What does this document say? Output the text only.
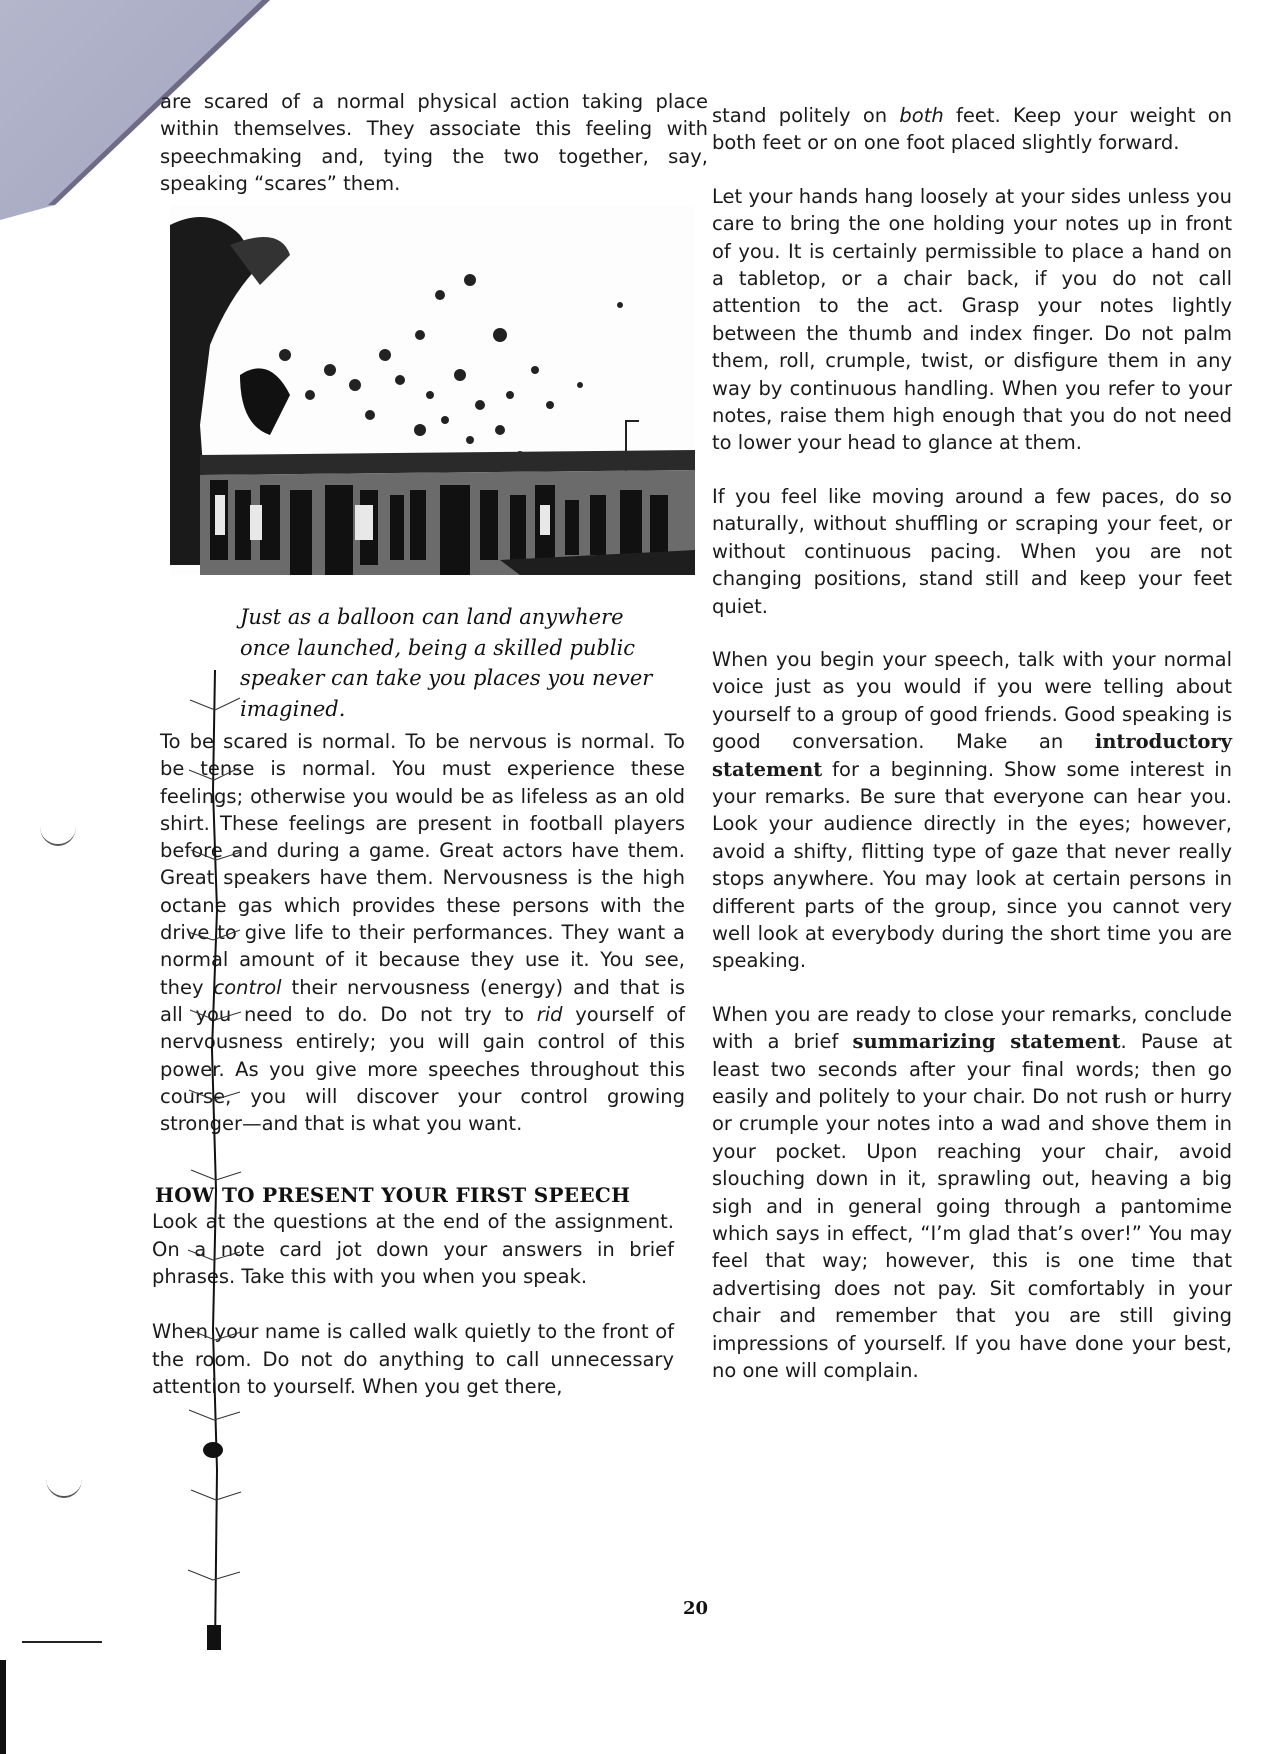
are scared of a normal physical action taking place within themselves. They associate this feeling with speechmaking and, tying the two together, say, speaking “scares” them.

Just as a balloon can land anywhere once launched, being a skilled public speaker can take you places you never imagined.
To be scared is normal. To be nervous is normal. To be tense is normal. You must experience these feelings; otherwise you would be as lifeless as an old shirt. These feelings are present in football players before and during a game. Great actors have them. Great speakers have them. Nervousness is the high octane gas which provides these persons with the drive to give life to their performances. They want a normal amount of it because they use it. You see, they control their nervousness (energy) and that is all you need to do. Do not try to rid yourself of nervousness entirely; you will gain control of this power. As you give more speeches throughout this course, you will discover your control growing stronger—and that is what you want.
HOW TO PRESENT YOUR FIRST SPEECH
Look at the questions at the end of the assignment. On a note card jot down your answers in brief phrases. Take this with you when you speak.
When your name is called walk quietly to the front of the room. Do not do anything to call unnecessary attention to yourself. When you get there,

stand politely on both feet. Keep your weight on both feet or on one foot placed slightly forward.

Let your hands hang loosely at your sides unless you care to bring the one holding your notes up in front of you. It is certainly permissible to place a hand on a tabletop, or a chair back, if you do not call attention to the act. Grasp your notes lightly between the thumb and index finger. Do not palm them, roll, crumple, twist, or disfigure them in any way by continuous handling. When you refer to your notes, raise them high enough that you do not need to lower your head to glance at them.

If you feel like moving around a few paces, do so naturally, without shuffling or scraping your feet, or without continuous pacing. When you are not changing positions, stand still and keep your feet quiet.

When you begin your speech, talk with your normal voice just as you would if you were telling about yourself to a group of good friends. Good speaking is good conversation. Make an introductory statement for a beginning. Show some interest in your remarks. Be sure that everyone can hear you. Look your audience directly in the eyes; however, avoid a shifty, flitting type of gaze that never really stops anywhere. You may look at certain persons in different parts of the group, since you cannot very well look at everybody during the short time you are speaking.

When you are ready to close your remarks, conclude with a brief summarizing statement. Pause at least two seconds after your final words; then go easily and politely to your chair. Do not rush or hurry or crumple your notes into a wad and shove them in your pocket. Upon reaching your chair, avoid slouching down in it, sprawling out, heaving a big sigh and in general going through a pantomime which says in effect, “I’m glad that’s over!” You may feel that way; however, this is one time that advertising does not pay. Sit comfortably in your chair and remember that you are still giving impressions of yourself. If you have done your best, no one will complain.

20
